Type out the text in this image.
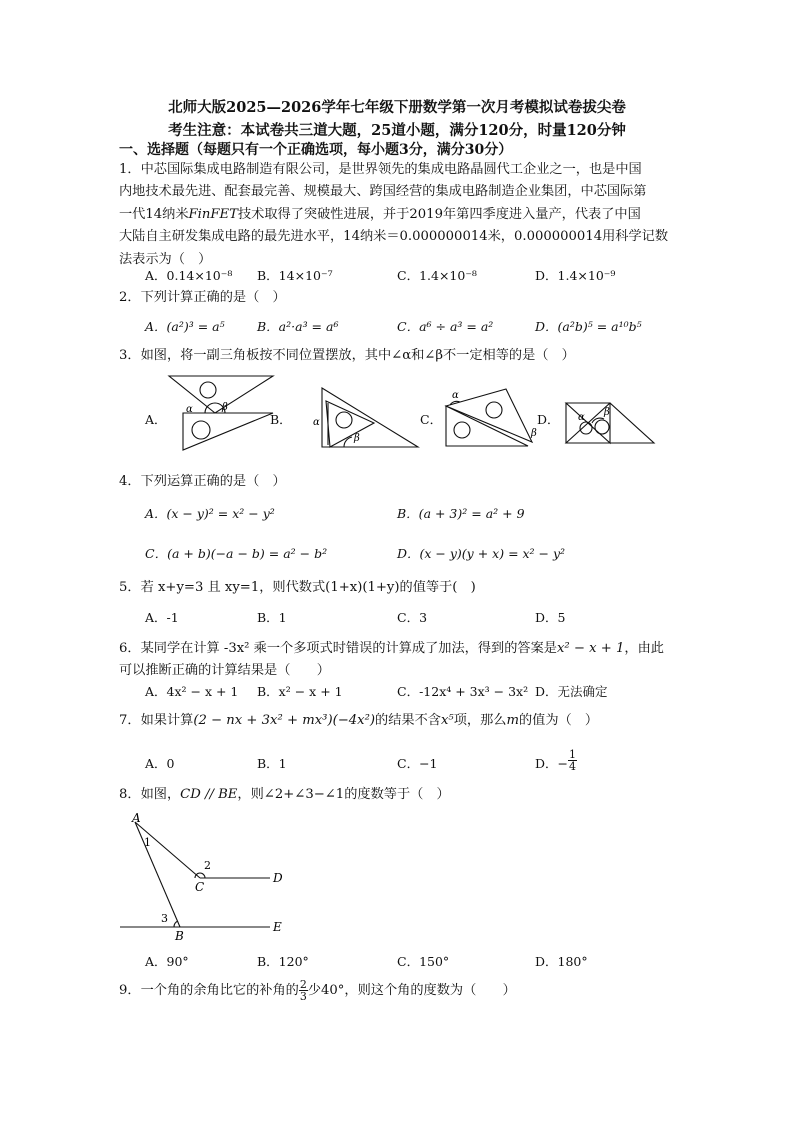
北师大版2025—2026学年七年级下册数学第一次月考模拟试卷拔尖卷
考生注意：本试卷共三道大题，25道小题，满分120分，时量120分钟
一、选择题（每题只有一个正确选项，每小题3分，满分30分）
1．中芯国际集成电路制造有限公司，是世界领先的集成电路晶圆代工企业之一，也是中国
内地技术最先进、配套最完善、规模最大、跨国经营的集成电路制造企业集团，中芯国际第
一代14纳米FinFET技术取得了突破性进展，并于2019年第四季度进入量产，代表了中国
大陆自主研发集成电路的最先进水平，14纳米＝0.000000014米，0.000000014用科学记数
法表示为（　）
A．0.14×10⁻⁸ B．14×10⁻⁷	C．1.4×10⁻⁸	D．1.4×10⁻⁹
2．下列计算正确的是（　）
A．(a²)³ = a⁵	B．a²·a³ = a⁶	C．a⁶ ÷ a³ = a²	D．(a²b)⁵ = a¹⁰b⁵
3．如图，将一副三角板按不同位置摆放，其中∠α和∠β不一定相等的是（　）
A．	B．	C．	D．
α	β
α
β
α
β
α β
4．下列运算正确的是（　）
A．(x − y)² = x² − y²	B．(a + 3)² = a² + 9
C．(a + b)(−a − b) = a² − b²	D．(x − y)(y + x) = x² − y²
5．若 x+y=3 且 xy=1，则代数式(1+x)(1+y)的值等于(　)
A．-1	B．1	C．3	D．5
6．某同学在计算 -3x² 乘一个多项式时错误的计算成了加法，得到的答案是x² − x + 1，由此
可以推断正确的计算结果是（　　）
A．4x² − x + 1 B．x² − x + 1	C．-12x⁴ + 3x³ − 3x² D．无法确定
7．如果计算(2 − nx + 3x² + mx³)(−4x²)的结果不含x⁵项，那么m的值为（　）
A．0	B．1	C．−1	D．− $\frac{1}{4}$
8．如图，CD // BE，则∠2+∠3−∠1的度数等于（　）
A
1
2
C
D
3
B
E
A．90°	B．120°	C．150°	D．180°
9．一个角的余角比它的补角的 $\frac{2}{3}$ 少40°，则这个角的度数为（　　）
